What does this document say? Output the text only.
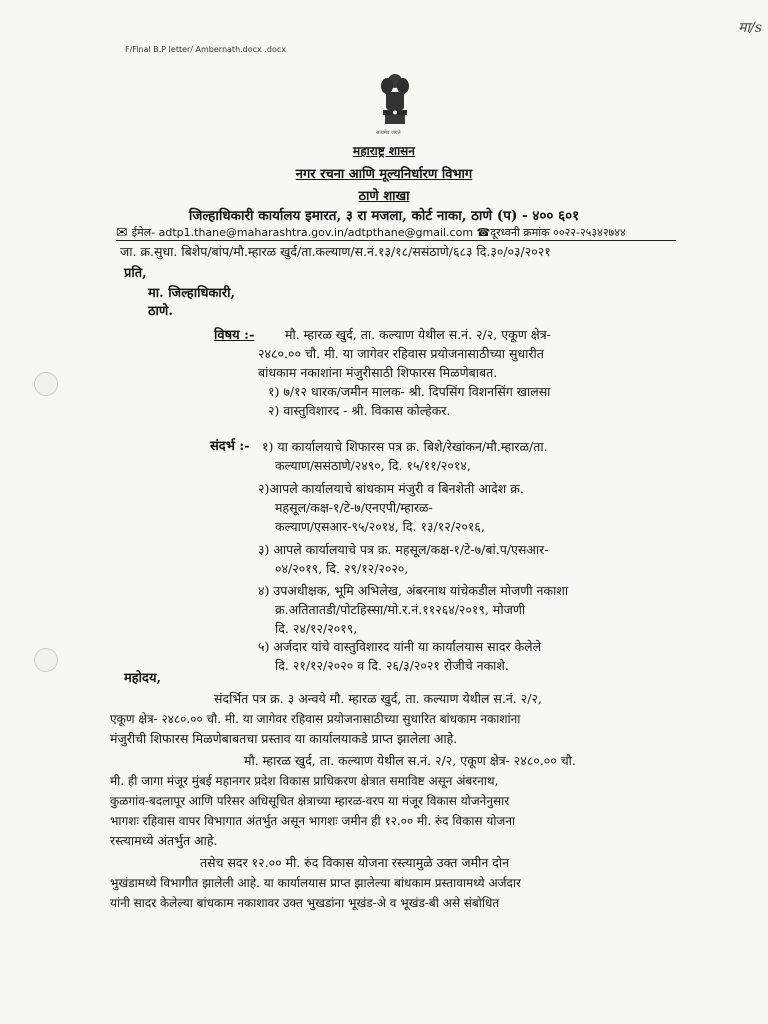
F/Final B.P letter/ Ambernath.docx .docx
मा/s
सत्यमेव जयते
महाराष्ट्र शासन
नगर रचना आणि मूल्यनिर्धारण विभाग
ठाणे शाखा
जिल्हाधिकारी कार्यालय इमारत, ३ रा मजला, कोर्ट नाका, ठाणे (प) - ४०० ६०१
✉ ईमेल- adtp1.thane@maharashtra.gov.in/adtpthane@gmail.com ☎दूरध्वनी क्रमांक ००२२-२५३४२७४४
जा. क्र.सुधा. बिशेप/बांप/मौ.म्हारळ खुर्द/ता.कल्याण/स.नं.१३/१८/ससंठाणे/६८३ दि.३०/०३/२०२१
प्रति,
मा. जिल्हाधिकारी,
ठाणे.
विषय :- मौ. म्हारळ खुर्द, ता. कल्याण येथील स.नं. २/२, एकूण क्षेत्र-
२४८०.०० चौ. मी. या जागेवर रहिवास प्रयोजनासाठीच्या सुधारीत
बांधकाम नकाशांना मंजुरीसाठी शिफारस मिळणेबाबत.
१) ७/१२ धारक/जमीन मालक- श्री. दिपसिंग विशनसिंग खालसा
२) वास्तुविशारद - श्री. विकास कोल्हेकर.
संदर्भ :- १) या कार्यालयाचे शिफारस पत्र क्र. बिशे/रेखांकन/मौ.म्हारळ/ता.
कल्याण/ससंठाणे/२४९०, दि. १५/११/२०१४,
२)आपले कार्यालयाचे बांधकाम मंजुरी व बिनशेती आदेश क्र.
महसूल/कक्ष-१/टे-७/एनएपी/म्हारळ-
कल्याण/एसआर-९५/२०१४, दि. १३/१२/२०१६,
३) आपले कार्यालयाचे पत्र क्र. महसूल/कक्ष-१/टे-७/बां.प/एसआर-
०४/२०१९, दि. २९/१२/२०२०,
४) उपअधीक्षक, भूमि अभिलेख, अंबरनाथ यांचेकडील मोजणी नकाशा
क्र.अतितातडी/पोटहिस्सा/मो.र.नं.११२६४/२०१९, मोजणी
दि. २४/१२/२०१९,
५) अर्जदार यांचे वास्तुविशारद यांनी या कार्यालयास सादर केलेले
दि. २१/१२/२०२० व दि. २६/३/२०२१ रोजीचे नकाशे.
महोदय,
संदर्भित पत्र क्र. ३ अन्वये मौ. म्हारळ खुर्द, ता. कल्याण येथील स.नं. २/२,
एकूण क्षेत्र- २४८०.०० चौ. मी. या जागेवर रहिवास प्रयोजनासाठीच्या सुधारित बांधकाम नकाशांना
मंजुरीची शिफारस मिळणेबाबतचा प्रस्ताव या कार्यालयाकडे प्राप्त झालेला आहे.
मौ. म्हारळ खुर्द, ता. कल्याण येथील स.नं. २/२, एकूण क्षेत्र- २४८०.०० चौ.
मी. ही जागा मंजूर मुंबई महानगर प्रदेश विकास प्राधिकरण क्षेत्रात समाविष्ट असून अंबरनाथ,
कुळगांव-बदलापूर आणि परिसर अधिसूचित क्षेत्राच्या म्हारळ-वरप या मंजूर विकास योजनेनुसार
भागशः रहिवास वापर विभागात अंतर्भुत असून भागशः जमीन ही १२.०० मी. रुंद विकास योजना
रस्त्यामध्ये अंतर्भुत आहे.
तसेच सदर १२.०० मी. रुंद विकास योजना रस्त्यामुळे उक्त जमीन दोन
भुखंडामध्ये विभागीत झालेली आहे. या कार्यालयास प्राप्त झालेल्या बांधकाम प्रस्तावामध्ये अर्जदार
यांनी सादर केलेल्या बांधकाम नकाशावर उक्त भुखडांना भूखंड-अे व भूखंड-बी असे संबोधित
